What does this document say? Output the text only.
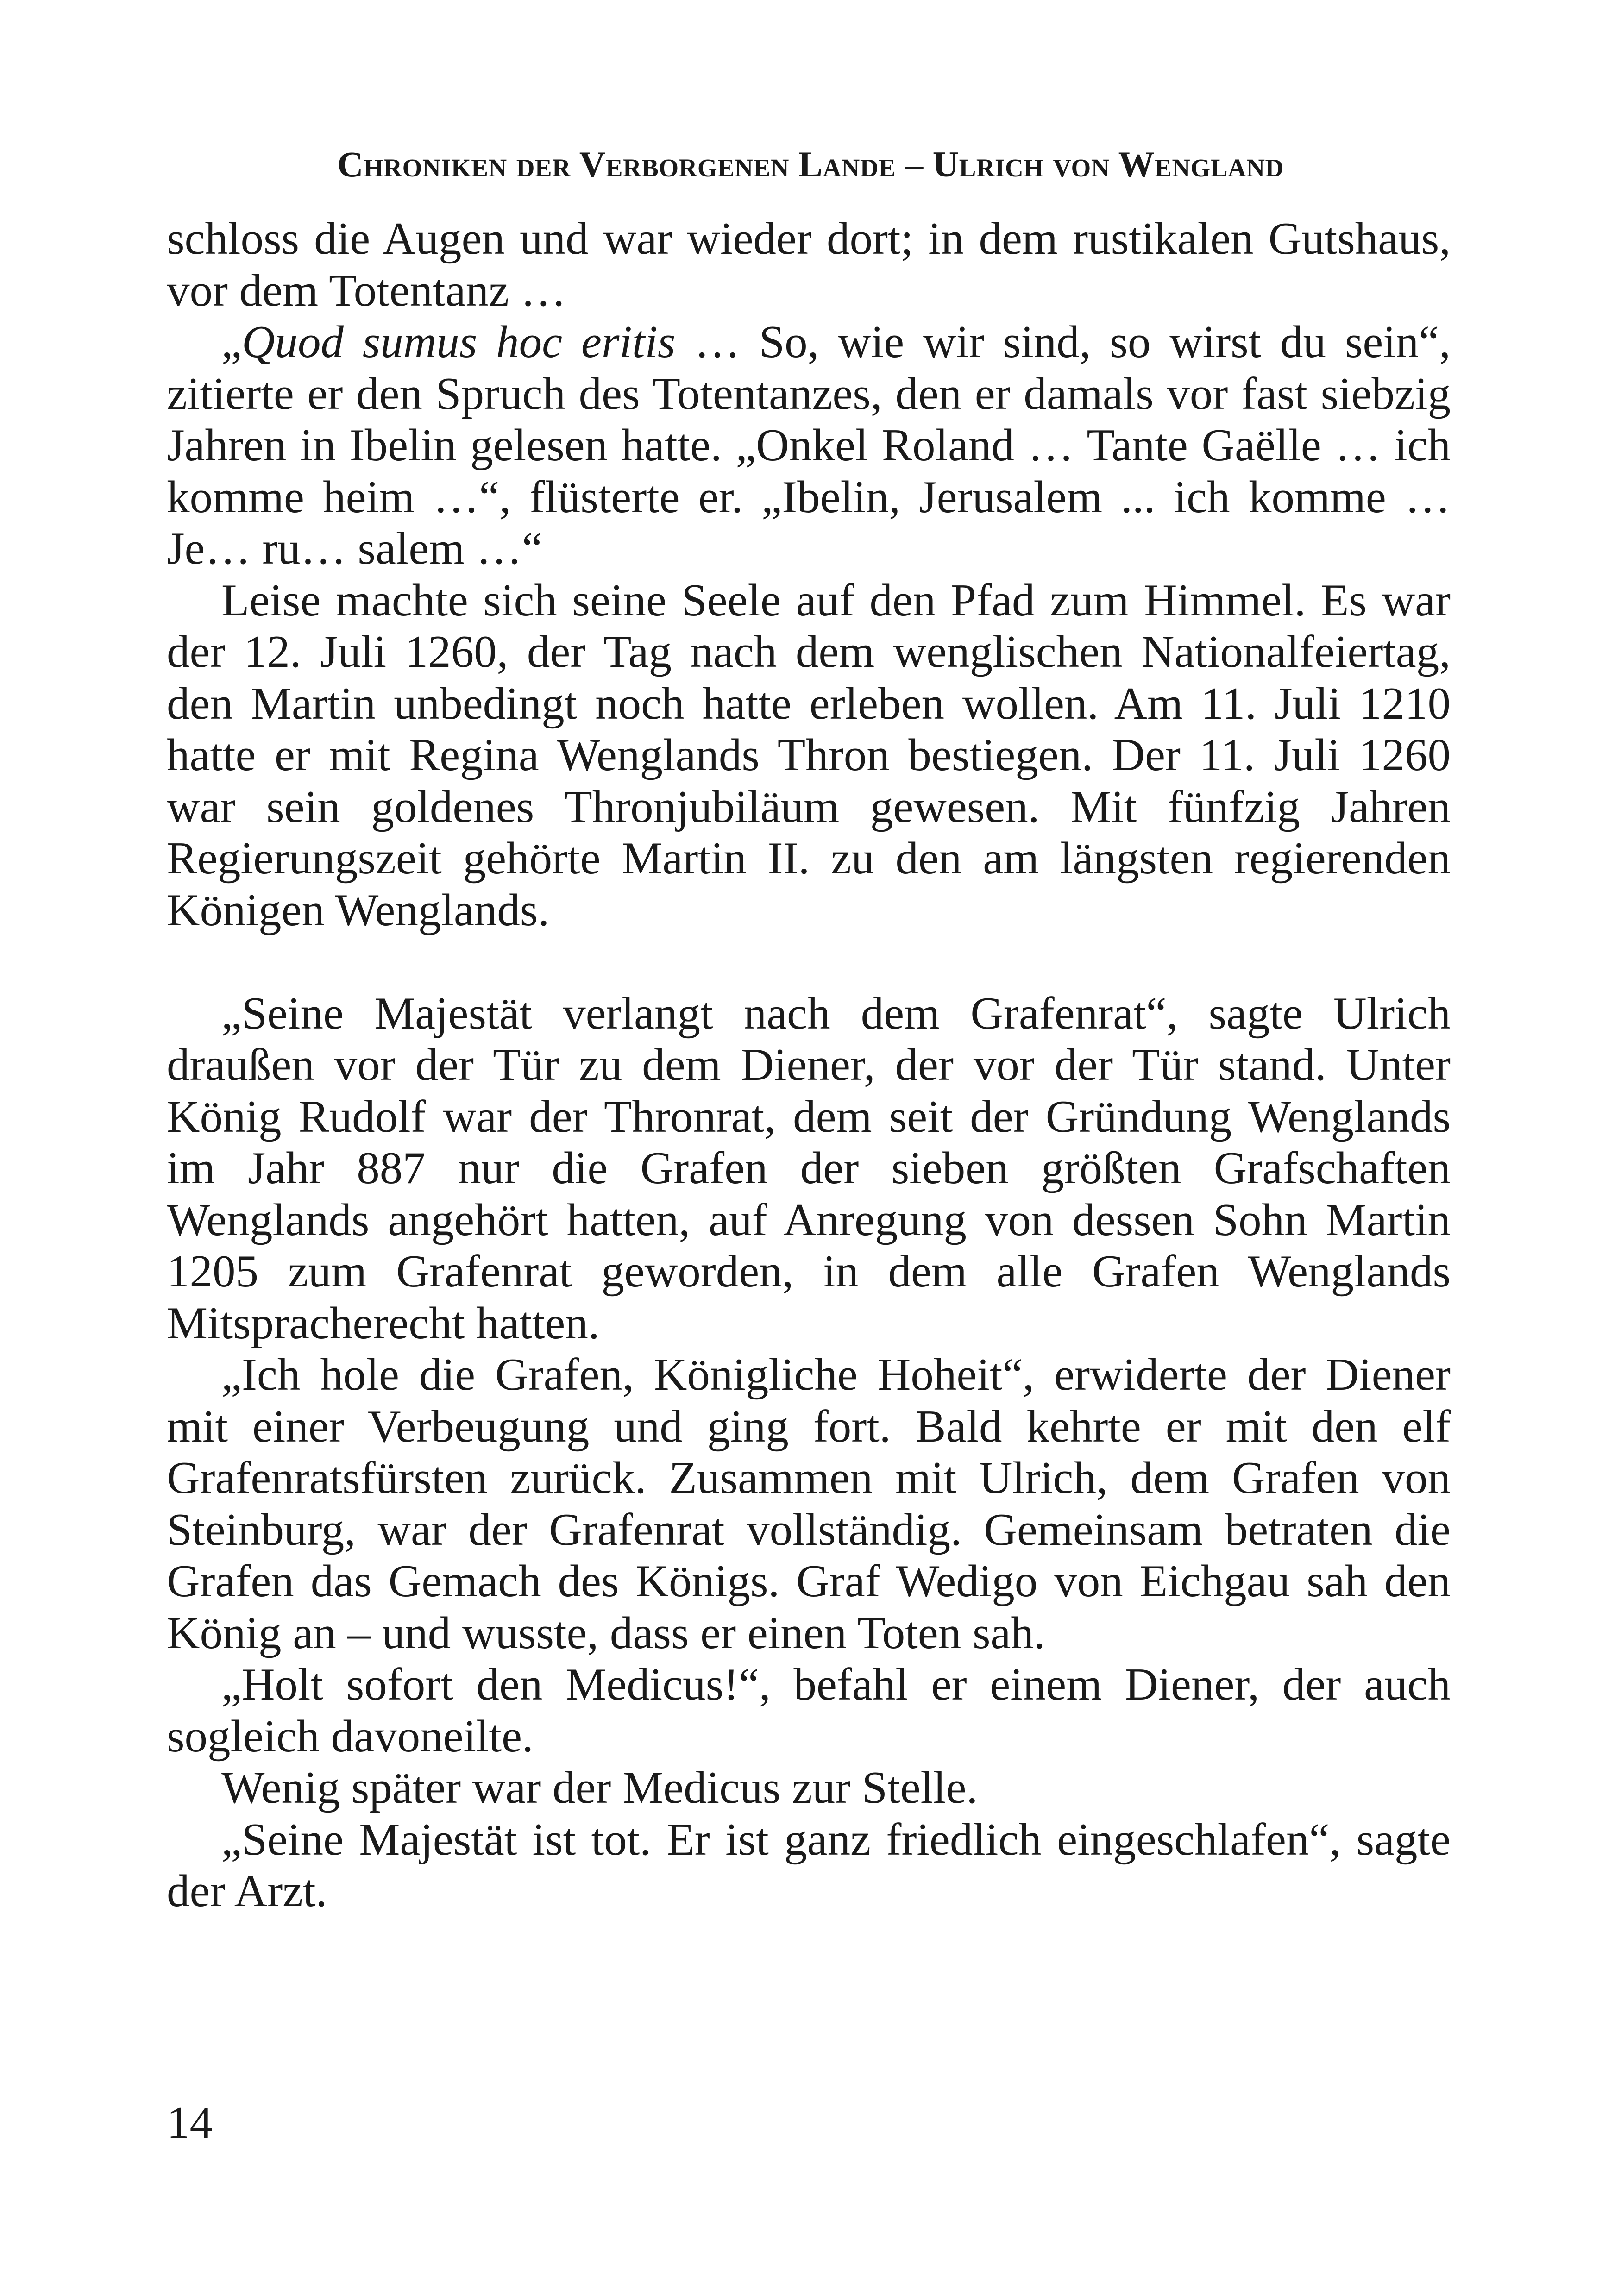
Chroniken der Verborgenen Lande – Ulrich von Wengland

schloss die Augen und war wieder dort; in dem rustikalen Gutshaus, vor dem Totentanz …

„Quod sumus hoc eritis … So, wie wir sind, so wirst du sein“, zitierte er den Spruch des Totentanzes, den er damals vor fast siebzig Jahren in Ibelin gelesen hatte. „Onkel Roland … Tante Gaëlle … ich komme heim …“, flüsterte er. „Ibelin, Jerusalem ... ich komme … Je… ru… salem …“

Leise machte sich seine Seele auf den Pfad zum Himmel. Es war der 12. Juli 1260, der Tag nach dem wenglischen Nationalfeiertag, den Martin unbedingt noch hatte erleben wollen. Am 11. Juli 1210 hatte er mit Regina Wenglands Thron bestiegen. Der 11. Juli 1260 war sein goldenes Thronjubiläum gewesen. Mit fünfzig Jahren Regierungszeit gehörte Martin II. zu den am längsten regierenden Königen Wenglands.

„Seine Majestät verlangt nach dem Grafenrat“, sagte Ulrich draußen vor der Tür zu dem Diener, der vor der Tür stand. Unter König Rudolf war der Thronrat, dem seit der Gründung Wenglands im Jahr 887 nur die Grafen der sieben größten Grafschaften Wenglands angehört hatten, auf Anregung von dessen Sohn Martin 1205 zum Grafenrat geworden, in dem alle Grafen Wenglands Mitspracherecht hatten.

„Ich hole die Grafen, Königliche Hoheit“, erwiderte der Diener mit einer Verbeugung und ging fort. Bald kehrte er mit den elf Grafenratsfürsten zurück. Zusammen mit Ulrich, dem Grafen von Steinburg, war der Grafenrat vollständig. Gemeinsam betraten die Grafen das Gemach des Königs. Graf Wedigo von Eichgau sah den König an – und wusste, dass er einen Toten sah.

„Holt sofort den Medicus!“, befahl er einem Diener, der auch sogleich davoneilte.

Wenig später war der Medicus zur Stelle.

„Seine Majestät ist tot. Er ist ganz friedlich eingeschlafen“, sagte der Arzt.

14
